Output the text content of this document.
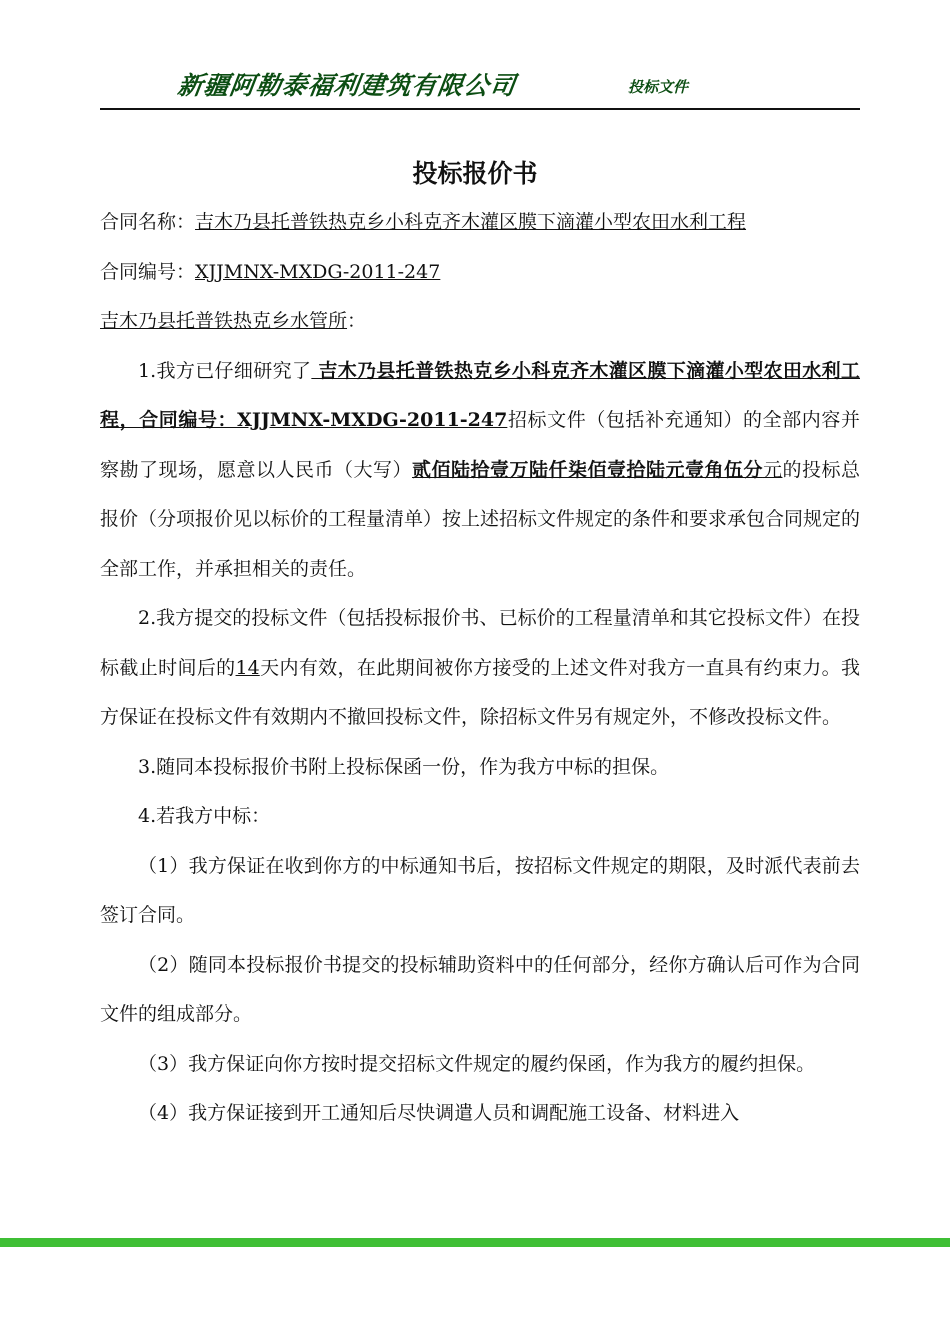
新疆阿勒泰福利建筑有限公司	投标文件
投标报价书

合同名称：吉木乃县托普铁热克乡小科克齐木灌区膜下滴灌小型农田水利工程

合同编号：XJJMNX-MXDG-2011-247

吉木乃县托普铁热克乡水管所：

1.我方已仔细研究了 吉木乃县托普铁热克乡小科克齐木灌区膜下滴灌小型农田水利工程，合同编号：XJJMNX-MXDG-2011-247招标文件（包括补充通知）的全部内容并察勘了现场，愿意以人民币（大写）贰佰陆拾壹万陆仟柒佰壹拾陆元壹角伍分元的投标总报价（分项报价见以标价的工程量清单）按上述招标文件规定的条件和要求承包合同规定的全部工作，并承担相关的责任。

2.我方提交的投标文件（包括投标报价书、已标价的工程量清单和其它投标文件）在投标截止时间后的14天内有效，在此期间被你方接受的上述文件对我方一直具有约束力。我方保证在投标文件有效期内不撤回投标文件，除招标文件另有规定外，不修改投标文件。

3.随同本投标报价书附上投标保函一份，作为我方中标的担保。

4.若我方中标：

（1）我方保证在收到你方的中标通知书后，按招标文件规定的期限，及时派代表前去签订合同。

（2）随同本投标报价书提交的投标辅助资料中的任何部分，经你方确认后可作为合同文件的组成部分。

（3）我方保证向你方按时提交招标文件规定的履约保函，作为我方的履约担保。

（4）我方保证接到开工通知后尽快调遣人员和调配施工设备、材料进入
